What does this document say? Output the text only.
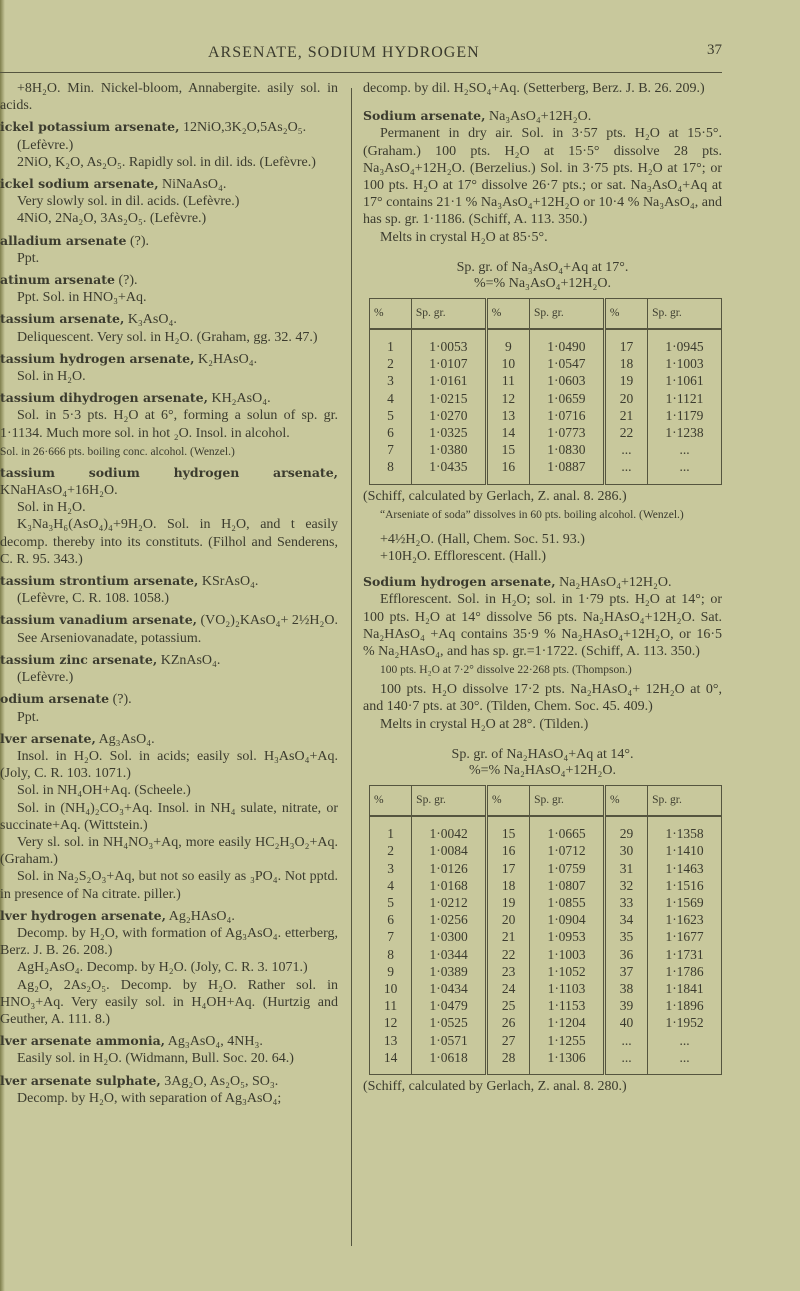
ARSENATE, SODIUM HYDROGEN	37
+8H₂O. Min. Nickel-bloom, Annabergite. asily sol. in acids.
ickel potassium arsenate, 12NiO,3K₂O,5As₂O₅.
(Lefèvre.)
2NiO, K₂O, As₂O₅. Rapidly sol. in dil. ids. (Lefèvre.)
ickel sodium arsenate, NiNaAsO₄.
Very slowly sol. in dil. acids. (Lefèvre.)
4NiO, 2Na₂O, 3As₂O₅. (Lefèvre.)
alladium arsenate (?).
Ppt.
atinum arsenate (?).
Ppt. Sol. in HNO₃+Aq.
tassium arsenate, K₃AsO₄.
Deliquescent. Very sol. in H₂O. (Graham, gg. 32. 47.)
tassium hydrogen arsenate, K₂HAsO₄.
Sol. in H₂O.
tassium dihydrogen arsenate, KH₂AsO₄.
Sol. in 5·3 pts. H₂O at 6°, forming a solun of sp. gr. 1·1134. Much more sol. in hot ₂O. Insol. in alcohol.
Sol. in 26·666 pts. boiling conc. alcohol. (Wenzel.)
tassium sodium hydrogen arsenate, KNaHAsO₄+16H₂O.
Sol. in H₂O.
K₃Na₃H₆(AsO₄)₄+9H₂O. Sol. in H₂O, and t easily decomp. thereby into its constituts. (Filhol and Senderens, C. R. 95. 343.)
tassium strontium arsenate, KSrAsO₄.
(Lefèvre, C. R. 108. 1058.)
tassium vanadium arsenate, (VO₂)₂KAsO₄+ 2½H₂O.
See Arseniovanadate, potassium.
tassium zinc arsenate, KZnAsO₄.
(Lefèvre.)
odium arsenate (?).
Ppt.
lver arsenate, Ag₃AsO₄.
Insol. in H₂O. Sol. in acids; easily sol. H₃AsO₄+Aq. (Joly, C. R. 103. 1071.)
Sol. in NH₄OH+Aq. (Scheele.)
Sol. in (NH₄)₂CO₃+Aq. Insol. in NH₄ sulate, nitrate, or succinate+Aq. (Wittstein.)
Very sl. sol. in NH₄NO₃+Aq, more easily HC₂H₃O₂+Aq. (Graham.)
Sol. in Na₂S₂O₃+Aq, but not so easily as ₃PO₄. Not pptd. in presence of Na citrate. piller.)
lver hydrogen arsenate, Ag₂HAsO₄.
Decomp. by H₂O, with formation of Ag₃AsO₄. etterberg, Berz. J. B. 26. 208.)
AgH₂AsO₄. Decomp. by H₂O. (Joly, C. R. 3. 1071.)
Ag₂O, 2As₂O₅. Decomp. by H₂O. Rather sol. in HNO₃+Aq. Very easily sol. in H₄OH+Aq. (Hurtzig and Geuther, A. 111. 8.)
lver arsenate ammonia, Ag₃AsO₄, 4NH₃.
Easily sol. in H₂O. (Widmann, Bull. Soc. 20. 64.)
lver arsenate sulphate, 3Ag₂O, As₂O₅, SO₃.
Decomp. by H₂O, with separation of Ag₃AsO₄;
decomp. by dil. H₂SO₄+Aq. (Setterberg, Berz. J. B. 26. 209.)
Sodium arsenate, Na₃AsO₄+12H₂O.
Permanent in dry air. Sol. in 3·57 pts. H₂O at 15·5°. (Graham.) 100 pts. H₂O at 15·5° dissolve 28 pts. Na₃AsO₄+12H₂O. (Berzelius.) Sol. in 3·75 pts. H₂O at 17°; or 100 pts. H₂O at 17° dissolve 26·7 pts.; or sat. Na₃AsO₄+Aq at 17° contains 21·1 % Na₃AsO₄+12H₂O or 10·4 % Na₃AsO₄, and has sp. gr. 1·1186. (Schiff, A. 113. 350.)
Melts in crystal H₂O at 85·5°.
Sp. gr. of Na₃AsO₄+Aq at 17°.
%=% Na₃AsO₄+12H₂O.
%	Sp. gr.	%	Sp. gr.	%	Sp. gr.
1	1·0053	9	1·0490	17	1·0945
2	1·0107	10	1·0547	18	1·1003
3	1·0161	11	1·0603	19	1·1061
4	1·0215	12	1·0659	20	1·1121
5	1·0270	13	1·0716	21	1·1179
6	1·0325	14	1·0773	22	1·1238
7	1·0380	15	1·0830	...	...
8	1·0435	16	1·0887	...	...
(Schiff, calculated by Gerlach, Z. anal. 8. 286.)
“Arseniate of soda” dissolves in 60 pts. boiling alcohol. (Wenzel.)
+4½H₂O. (Hall, Chem. Soc. 51. 93.)
+10H₂O. Efflorescent. (Hall.)
Sodium hydrogen arsenate, Na₂HAsO₄+12H₂O.
Efflorescent. Sol. in H₂O; sol. in 1·79 pts. H₂O at 14°; or 100 pts. H₂O at 14° dissolve 56 pts. Na₂HAsO₄+12H₂O. Sat. Na₂HAsO₄ +Aq contains 35·9 % Na₂HAsO₄+12H₂O, or 16·5 % Na₂HAsO₄, and has sp. gr.=1·1722. (Schiff, A. 113. 350.)
100 pts. H₂O at 7·2° dissolve 22·268 pts. (Thompson.)
100 pts. H₂O dissolve 17·2 pts. Na₂HAsO₄+ 12H₂O at 0°, and 140·7 pts. at 30°. (Tilden, Chem. Soc. 45. 409.)
Melts in crystal H₂O at 28°. (Tilden.)
Sp. gr. of Na₂HAsO₄+Aq at 14°.
%=% Na₂HAsO₄+12H₂O.
%	Sp. gr.	%	Sp. gr.	%	Sp. gr.
1	1·0042	15	1·0665	29	1·1358
2	1·0084	16	1·0712	30	1·1410
3	1·0126	17	1·0759	31	1·1463
4	1·0168	18	1·0807	32	1·1516
5	1·0212	19	1·0855	33	1·1569
6	1·0256	20	1·0904	34	1·1623
7	1·0300	21	1·0953	35	1·1677
8	1·0344	22	1·1003	36	1·1731
9	1·0389	23	1·1052	37	1·1786
10	1·0434	24	1·1103	38	1·1841
11	1·0479	25	1·1153	39	1·1896
12	1·0525	26	1·1204	40	1·1952
13	1·0571	27	1·1255	...	...
14	1·0618	28	1·1306	...	...
(Schiff, calculated by Gerlach, Z. anal. 8. 280.)
